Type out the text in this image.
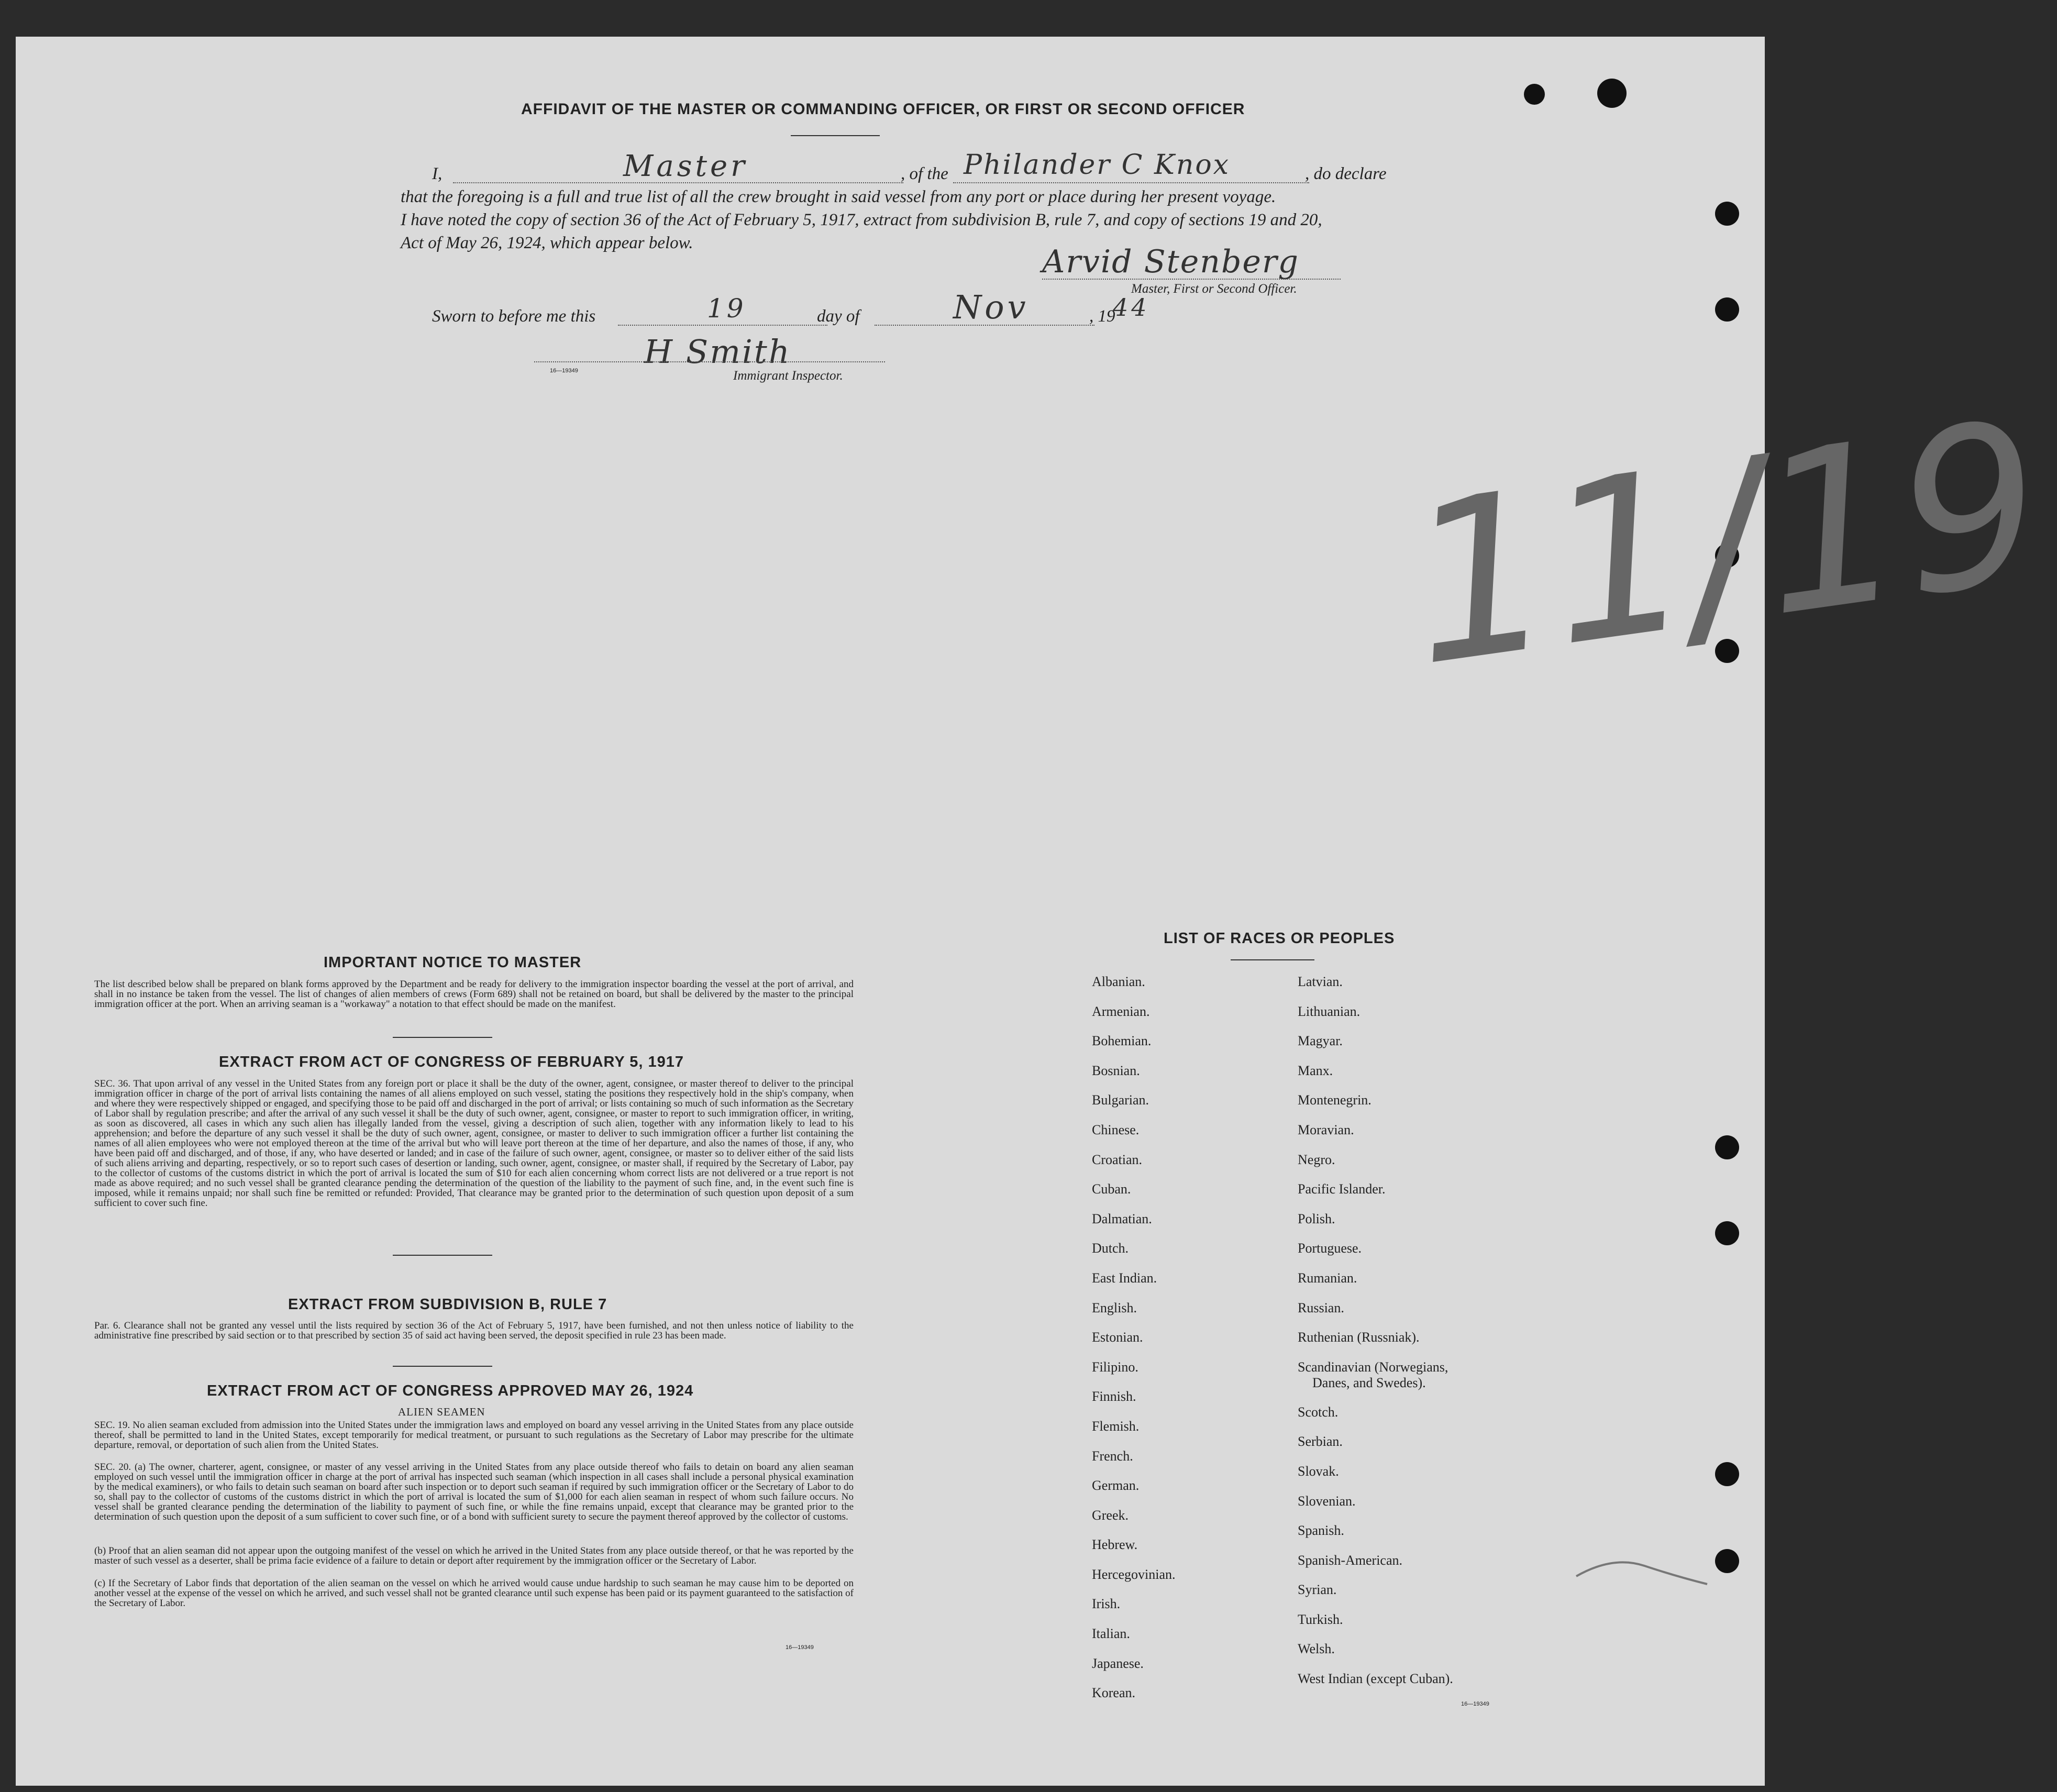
AFFIDAVIT OF THE MASTER OR COMMANDING OFFICER, OR FIRST OR SECOND OFFICER
I,	Master	, of the Philander C Knox	, do declare
that the foregoing is a full and true list of all the crew brought in said vessel from any port or place during her present voyage.
I have noted the copy of section 36 of the Act of February 5, 1917, extract from subdivision B, rule 7, and copy of sections 19 and 20,
Act of May 26, 1924, which appear below.
Arvid Stenberg
Master, First or Second Officer.
Sworn to before me this	19	day of	Nov	, 19
44
H Smith
16—19349	Immigrant Inspector.	11/19
IMPORTANT NOTICE TO MASTER
The list described below shall be prepared on blank forms approved by the Department and be ready for delivery to the immigration inspector boarding the vessel at the port of arrival, and shall in no instance be taken from the vessel. The list of changes of alien members of crews (Form 689) shall not be retained on board, but shall be delivered by the master to the principal immigration officer at the port. When an arriving seaman is a "workaway" a notation to that effect should be made on the manifest.
EXTRACT FROM ACT OF CONGRESS OF FEBRUARY 5, 1917
SEC. 36. That upon arrival of any vessel in the United States from any foreign port or place it shall be the duty of the owner, agent, consignee, or master thereof to deliver to the principal immigration officer in charge of the port of arrival lists containing the names of all aliens employed on such vessel, stating the positions they respectively hold in the ship's company, when and where they were respectively shipped or engaged, and specifying those to be paid off and discharged in the port of arrival; or lists containing so much of such information as the Secretary of Labor shall by regulation prescribe; and after the arrival of any such vessel it shall be the duty of such owner, agent, consignee, or master to report to such immigration officer, in writing, as soon as discovered, all cases in which any such alien has illegally landed from the vessel, giving a description of such alien, together with any information likely to lead to his apprehension; and before the departure of any such vessel it shall be the duty of such owner, agent, consignee, or master to deliver to such immigration officer a further list containing the names of all alien employees who were not employed thereon at the time of the arrival but who will leave port thereon at the time of her departure, and also the names of those, if any, who have been paid off and discharged, and of those, if any, who have deserted or landed; and in case of the failure of such owner, agent, consignee, or master so to deliver either of the said lists of such aliens arriving and departing, respectively, or so to report such cases of desertion or landing, such owner, agent, consignee, or master shall, if required by the Secretary of Labor, pay to the collector of customs of the customs district in which the port of arrival is located the sum of $10 for each alien concerning whom correct lists are not delivered or a true report is not made as above required; and no such vessel shall be granted clearance pending the determination of the question of the liability to the payment of such fine, and, in the event such fine is imposed, while it remains unpaid; nor shall such fine be remitted or refunded: Provided, That clearance may be granted prior to the determination of such question upon deposit of a sum sufficient to cover such fine.
EXTRACT FROM SUBDIVISION B, RULE 7
Par. 6. Clearance shall not be granted any vessel until the lists required by section 36 of the Act of February 5, 1917, have been furnished, and not then unless notice of liability to the administrative fine prescribed by said section or to that prescribed by section 35 of said act having been served, the deposit specified in rule 23 has been made.
EXTRACT FROM ACT OF CONGRESS APPROVED MAY 26, 1924
ALIEN SEAMEN
SEC. 19. No alien seaman excluded from admission into the United States under the immigration laws and employed on board any vessel arriving in the United States from any place outside thereof, shall be permitted to land in the United States, except temporarily for medical treatment, or pursuant to such regulations as the Secretary of Labor may prescribe for the ultimate departure, removal, or deportation of such alien from the United States.
SEC. 20. (a) The owner, charterer, agent, consignee, or master of any vessel arriving in the United States from any place outside thereof who fails to detain on board any alien seaman employed on such vessel until the immigration officer in charge at the port of arrival has inspected such seaman (which inspection in all cases shall include a personal physical examination by the medical examiners), or who fails to detain such seaman on board after such inspection or to deport such seaman if required by such immigration officer or the Secretary of Labor to do so, shall pay to the collector of customs of the customs district in which the port of arrival is located the sum of $1,000 for each alien seaman in respect of whom such failure occurs. No vessel shall be granted clearance pending the determination of the liability to payment of such fine, or while the fine remains unpaid, except that clearance may be granted prior to the determination of such question upon the deposit of a sum sufficient to cover such fine, or of a bond with sufficient surety to secure the payment thereof approved by the collector of customs.
(b) Proof that an alien seaman did not appear upon the outgoing manifest of the vessel on which he arrived in the United States from any place outside thereof, or that he was reported by the master of such vessel as a deserter, shall be prima facie evidence of a failure to detain or deport after requirement by the immigration officer or the Secretary of Labor.
(c) If the Secretary of Labor finds that deportation of the alien seaman on the vessel on which he arrived would cause undue hardship to such seaman he may cause him to be deported on another vessel at the expense of the vessel on which he arrived, and such vessel shall not be granted clearance until such expense has been paid or its payment guaranteed to the satisfaction of the Secretary of Labor.
16—19349
LIST OF RACES OR PEOPLES
Albanian.
Armenian.
Bohemian.
Bosnian.
Bulgarian.
Chinese.
Croatian.
Cuban.
Dalmatian.
Dutch.
East Indian.
English.
Estonian.
Filipino.
Finnish.
Flemish.
French.
German.
Greek.
Hebrew.
Hercegovinian.
Irish.
Italian.
Japanese.
Korean.
Latvian.
Lithuanian.
Magyar.
Manx.
Montenegrin.
Moravian.
Negro.
Pacific Islander.
Polish.
Portuguese.
Rumanian.
Russian.
Ruthenian (Russniak).
Scandinavian (Norwegians,
Danes, and Swedes).
Scotch.
Serbian.
Slovak.
Slovenian.
Spanish.
Spanish-American.
Syrian.
Turkish.
Welsh.
West Indian (except Cuban).
16—19349
